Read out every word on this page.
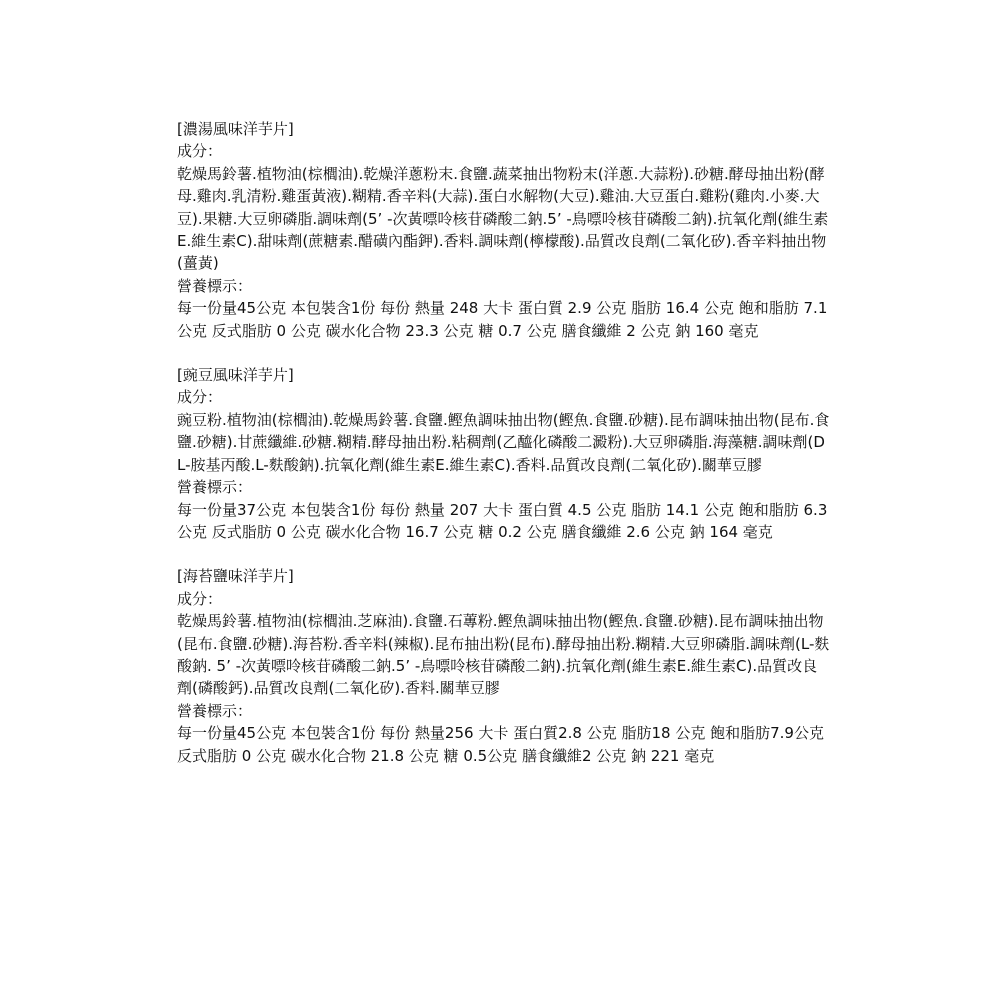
[濃湯風味洋芋片]
成分：
乾燥馬鈴薯.植物油(棕櫚油).乾燥洋蔥粉末.食鹽.蔬菜抽出物粉末(洋蔥.大蒜粉).砂糖.酵母抽出粉(酵母.雞肉.乳清粉.雞蛋黃液).糊精.香辛料(大蒜).蛋白水解物(大豆).雞油.大豆蛋白.雞粉(雞肉.小麥.大豆).果糖.大豆卵磷脂.調味劑(5’ -次黃嘌呤核苷磷酸二鈉.5’ -鳥嘌呤核苷磷酸二鈉).抗氧化劑(維生素E.維生素C).甜味劑(蔗糖素.醋磺內酯鉀).香料.調味劑(檸檬酸).品質改良劑(二氧化矽).香辛料抽出物(薑黃)
營養標示：
每一份量45公克 本包裝含1份 每份 熱量 248 大卡 蛋白質 2.9 公克 脂肪 16.4 公克 飽和脂肪 7.1 公克 反式脂肪 0 公克 碳水化合物 23.3 公克 糖 0.7 公克 膳食纖維 2 公克 鈉 160 毫克
[豌豆風味洋芋片]
成分：
豌豆粉.植物油(棕櫚油).乾燥馬鈴薯.食鹽.鰹魚調味抽出物(鰹魚.食鹽.砂糖).昆布調味抽出物(昆布.食鹽.砂糖).甘蔗纖維.砂糖.糊精.酵母抽出粉.粘稠劑(乙醯化磷酸二澱粉).大豆卵磷脂.海藻糖.調味劑(DL-胺基丙酸.L-麩酸鈉).抗氧化劑(維生素E.維生素C).香料.品質改良劑(二氧化矽).關華豆膠
營養標示：
每一份量37公克 本包裝含1份 每份 熱量 207 大卡 蛋白質 4.5 公克 脂肪 14.1 公克 飽和脂肪 6.3 公克 反式脂肪 0 公克 碳水化合物 16.7 公克 糖 0.2 公克 膳食纖維 2.6 公克 鈉 164 毫克
[海苔鹽味洋芋片]
成分：
乾燥馬鈴薯.植物油(棕櫚油.芝麻油).食鹽.石蓴粉.鰹魚調味抽出物(鰹魚.食鹽.砂糖).昆布調味抽出物(昆布.食鹽.砂糖).海苔粉.香辛料(辣椒).昆布抽出粉(昆布).酵母抽出粉.糊精.大豆卵磷脂.調味劑(L-麩酸鈉. 5’ -次黃嘌呤核苷磷酸二鈉.5’ -鳥嘌呤核苷磷酸二鈉).抗氧化劑(維生素E.維生素C).品質改良劑(磷酸鈣).品質改良劑(二氧化矽).香料.關華豆膠
營養標示：
每一份量45公克 本包裝含1份 每份 熱量256 大卡 蛋白質2.8 公克 脂肪18 公克 飽和脂肪7.9公克 反式脂肪 0 公克 碳水化合物 21.8 公克 糖 0.5公克 膳食纖維2 公克 鈉 221 毫克
